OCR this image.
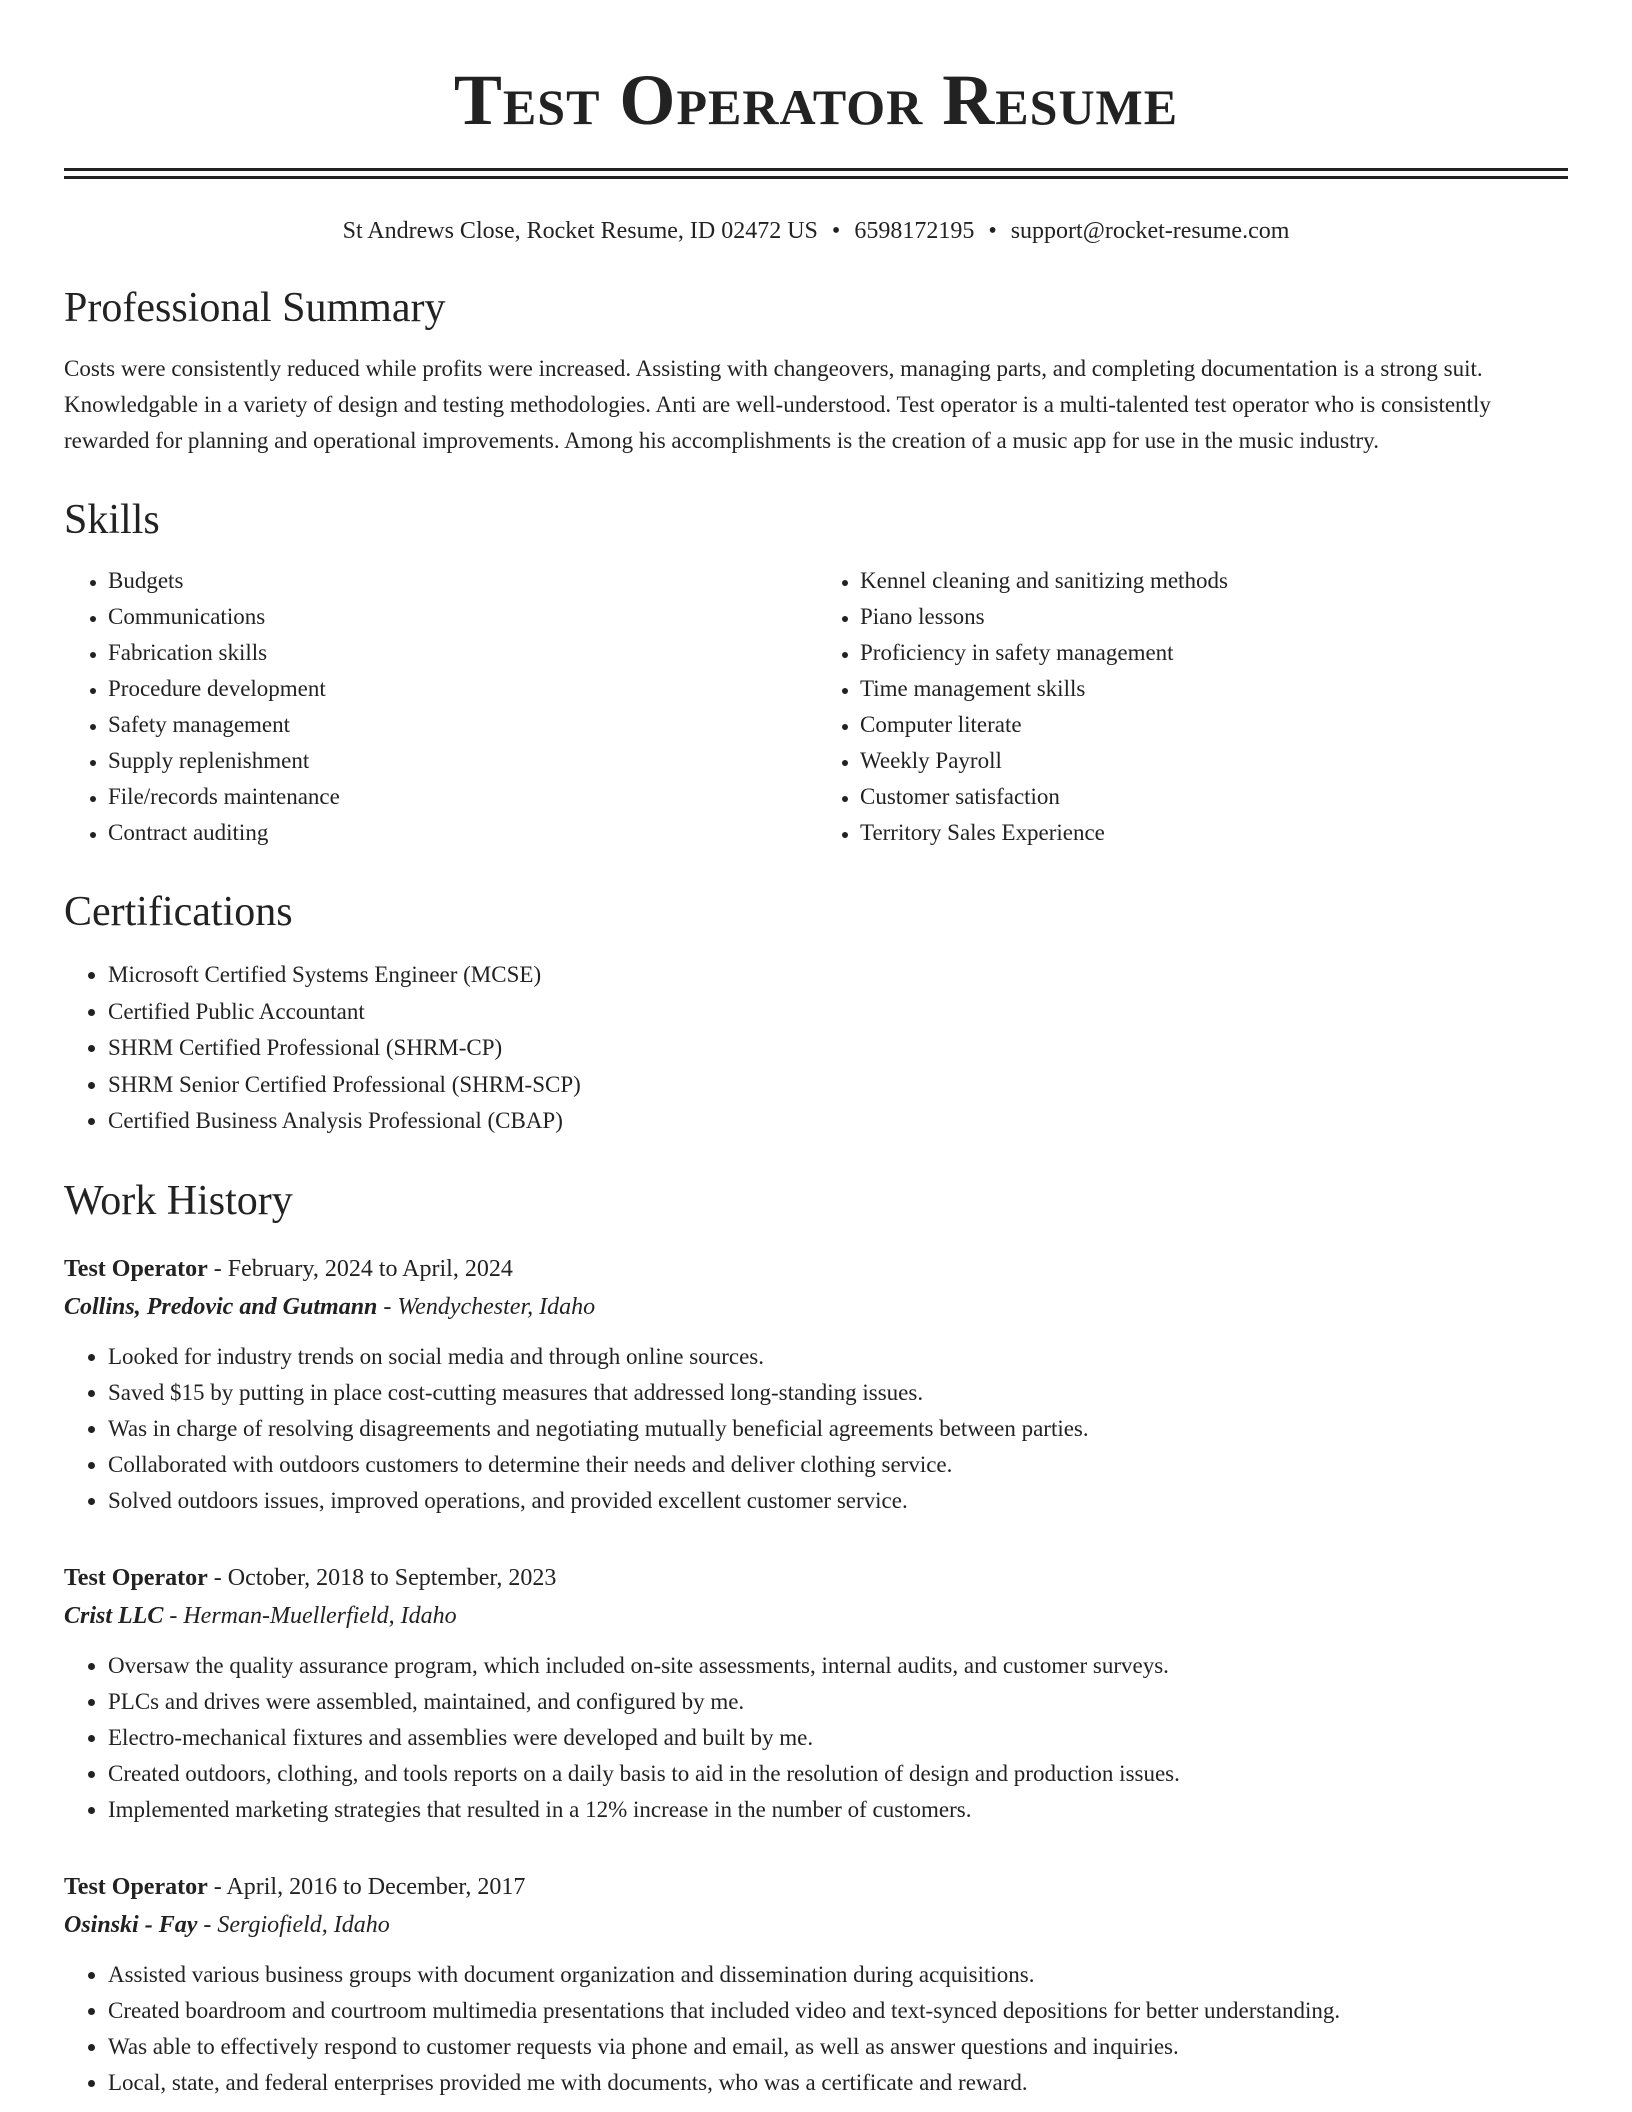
Test Operator Resume
St Andrews Close, Rocket Resume, ID 02472 US • 6598172195 • support@rocket-resume.com
Professional Summary

Costs were consistently reduced while profits were increased. Assisting with changeovers, managing parts, and completing documentation is a strong suit. Knowledgable in a variety of design and testing methodologies. Anti are well-understood. Test operator is a multi-talented test operator who is consistently rewarded for planning and operational improvements. Among his accomplishments is the creation of a music app for use in the music industry.

Skills
• Budgets
• Communications
• Fabrication skills
• Procedure development
• Safety management
• Supply replenishment
• File/records maintenance
• Contract auditing
• Kennel cleaning and sanitizing methods
• Piano lessons
• Proficiency in safety management
• Time management skills
• Computer literate
• Weekly Payroll
• Customer satisfaction
• Territory Sales Experience
Certifications
• Microsoft Certified Systems Engineer (MCSE)
• Certified Public Accountant
• SHRM Certified Professional (SHRM-CP)
• SHRM Senior Certified Professional (SHRM-SCP)
• Certified Business Analysis Professional (CBAP)
Work History
Test Operator - February, 2024 to April, 2024
Collins, Predovic and Gutmann - Wendychester, Idaho
• Looked for industry trends on social media and through online sources.
• Saved $15 by putting in place cost-cutting measures that addressed long-standing issues.
• Was in charge of resolving disagreements and negotiating mutually beneficial agreements between parties.
• Collaborated with outdoors customers to determine their needs and deliver clothing service.
• Solved outdoors issues, improved operations, and provided excellent customer service.
Test Operator - October, 2018 to September, 2023
Crist LLC - Herman-Muellerfield, Idaho
• Oversaw the quality assurance program, which included on-site assessments, internal audits, and customer surveys.
• PLCs and drives were assembled, maintained, and configured by me.
• Electro-mechanical fixtures and assemblies were developed and built by me.
• Created outdoors, clothing, and tools reports on a daily basis to aid in the resolution of design and production issues.
• Implemented marketing strategies that resulted in a 12% increase in the number of customers.
Test Operator - April, 2016 to December, 2017
Osinski - Fay - Sergiofield, Idaho
• Assisted various business groups with document organization and dissemination during acquisitions.
• Created boardroom and courtroom multimedia presentations that included video and text-synced depositions for better understanding.
• Was able to effectively respond to customer requests via phone and email, as well as answer questions and inquiries.
• Local, state, and federal enterprises provided me with documents, who was a certificate and reward.
